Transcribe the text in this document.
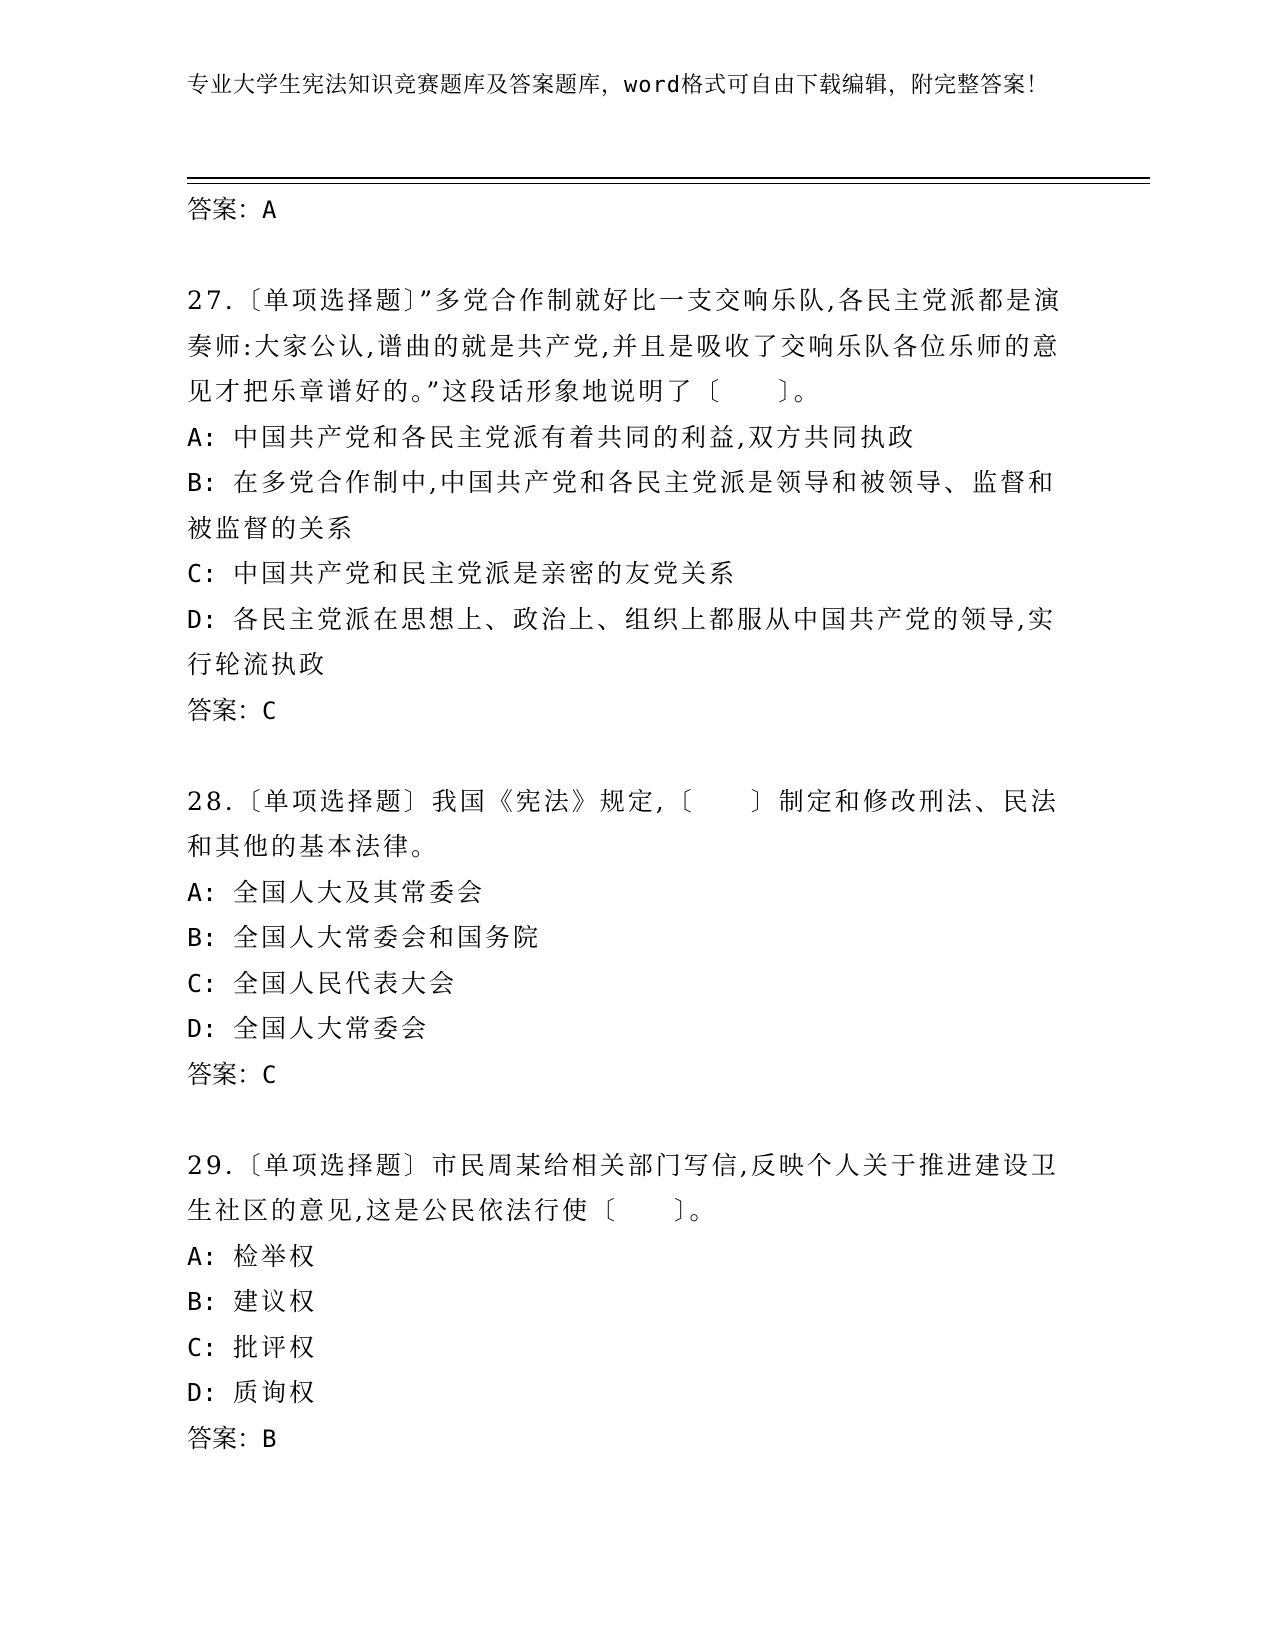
专业大学生宪法知识竞赛题库及答案题库，word格式可自由下载编辑，附完整答案！

答案：A

27.〔单项选择题〕”多党合作制就好比一支交响乐队,各民主党派都是演奏师:大家公认,谱曲的就是共产党,并且是吸收了交响乐队各位乐师的意见才把乐章谱好的。”这段话形象地说明了〔　　〕。

A: 中国共产党和各民主党派有着共同的利益,双方共同执政

B: 在多党合作制中,中国共产党和各民主党派是领导和被领导、监督和被监督的关系

C: 中国共产党和民主党派是亲密的友党关系

D: 各民主党派在思想上、政治上、组织上都服从中国共产党的领导,实行轮流执政

答案：C

28.〔单项选择题〕我国《宪法》规定,〔　　〕制定和修改刑法、民法和其他的基本法律。

A: 全国人大及其常委会

B: 全国人大常委会和国务院

C: 全国人民代表大会

D: 全国人大常委会

答案：C

29.〔单项选择题〕市民周某给相关部门写信,反映个人关于推进建设卫生社区的意见,这是公民依法行使〔　　〕。

A: 检举权

B: 建议权

C: 批评权

D: 质询权

答案：B
